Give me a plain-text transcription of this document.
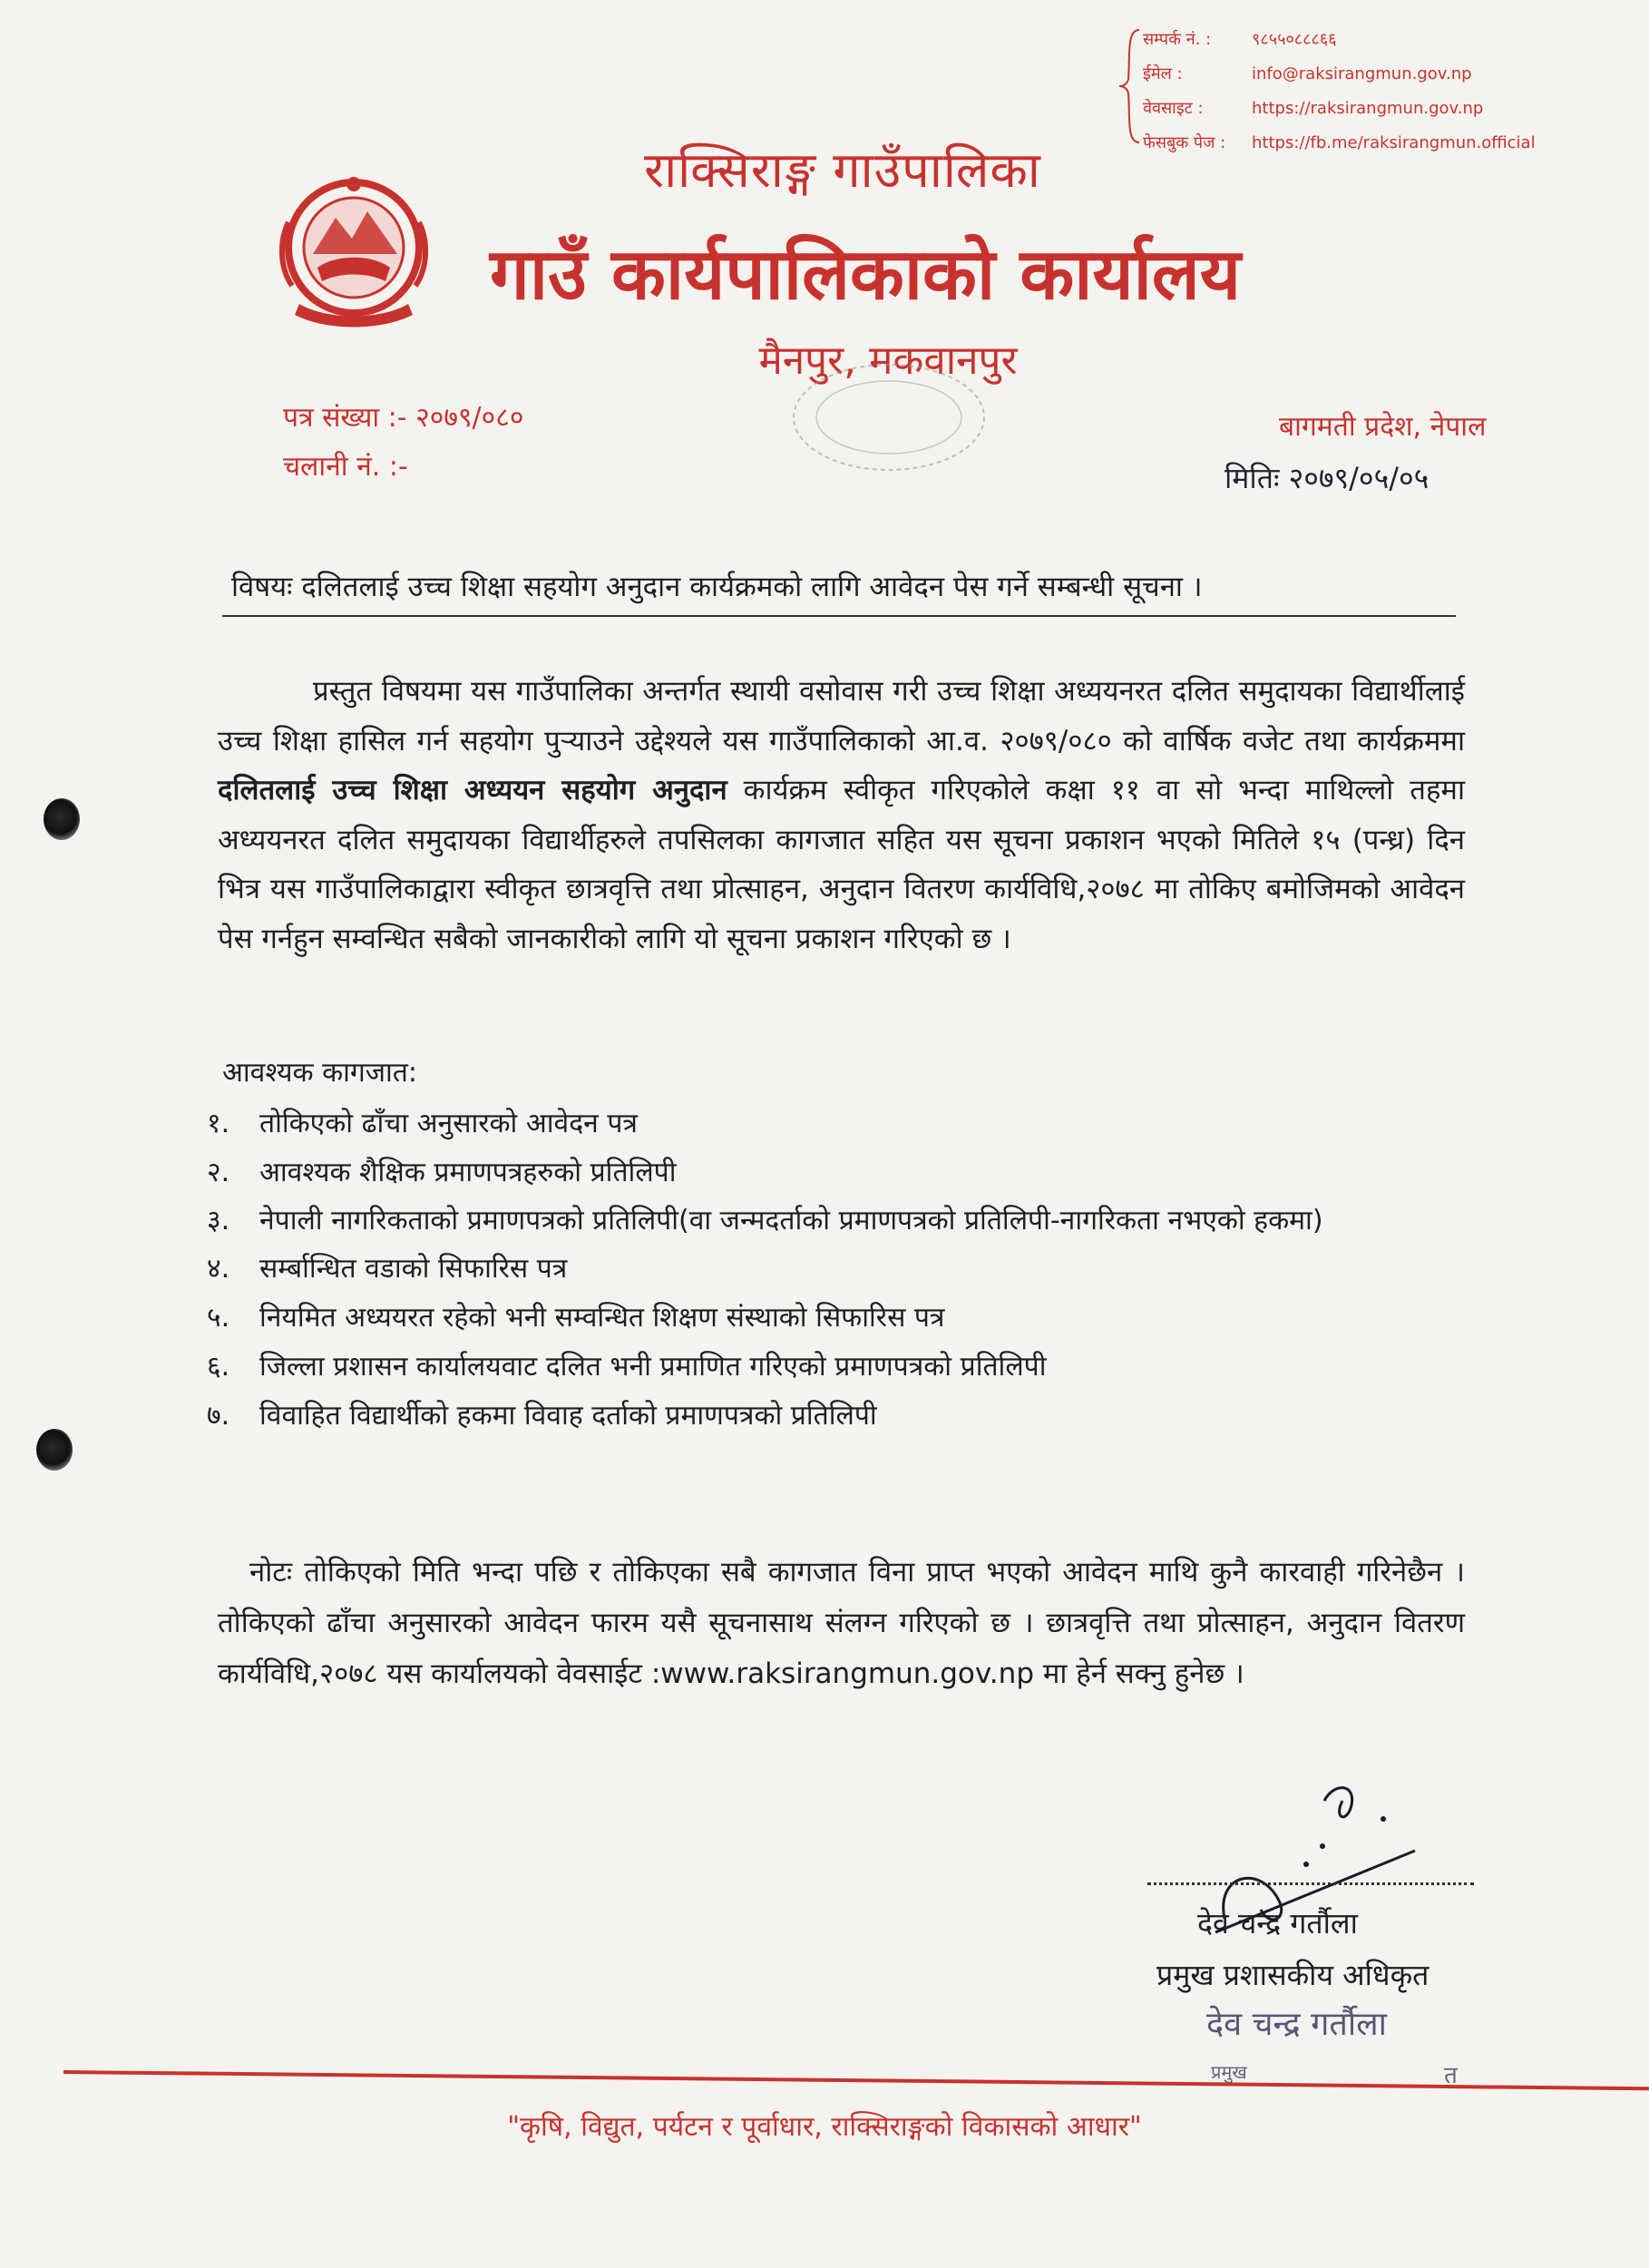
सम्पर्क नं. : ९८५५०८८८६६
ईमेल :	info@raksirangmun.gov.np
वेवसाइट :	https://raksirangmun.gov.np
फेसबुक पेज : https://fb.me/raksirangmun.official
राक्सिराङ्ग गाउँपालिका
गाउँ कार्यपालिकाको कार्यालय
मैनपुर, मकवानपुर
पत्र संख्या :- २०७९/०८०
चलानी नं. :-
बागमती प्रदेश, नेपाल
मितिः २०७९/०५/०५
विषयः दलितलाई उच्च शिक्षा सहयोग अनुदान कार्यक्रमको लागि आवेदन पेस गर्ने सम्बन्धी सूचना ।
प्रस्तुत विषयमा यस गाउँपालिका अन्तर्गत स्थायी वसोवास गरी उच्च शिक्षा अध्ययनरत दलित समुदायका विद्यार्थीलाई उच्च शिक्षा हासिल गर्न सहयोग पुऱ्याउने उद्देश्यले यस गाउँपालिकाको आ.व. २०७९/०८० को वार्षिक वजेट तथा कार्यक्रममा दलितलाई उच्च शिक्षा अध्ययन सहयोग अनुदान कार्यक्रम स्वीकृत गरिएकोले कक्षा ११ वा सो भन्दा माथिल्लो तहमा अध्ययनरत दलित समुदायका विद्यार्थीहरुले तपसिलका कागजात सहित यस सूचना प्रकाशन भएको मितिले १५ (पन्ध्र) दिन भित्र यस गाउँपालिकाद्वारा स्वीकृत छात्रवृत्ति तथा प्रोत्साहन, अनुदान वितरण कार्यविधि,२०७८ मा तोकिए बमोजिमको आवेदन पेस गर्नहुन सम्वन्धित सबैको जानकारीको लागि यो सूचना प्रकाशन गरिएको छ ।
आवश्यक कागजात:
१. तोकिएको ढाँचा अनुसारको आवेदन पत्र
२. आवश्यक शैक्षिक प्रमाणपत्रहरुको प्रतिलिपी
३. नेपाली नागरिकताको प्रमाणपत्रको प्रतिलिपी(वा जन्मदर्ताको प्रमाणपत्रको प्रतिलिपी-नागरिकता नभएको हकमा)
४. सर्म्बान्धित वडाको सिफारिस पत्र
५. नियमित अध्ययरत रहेको भनी सम्वन्धित शिक्षण संस्थाको सिफारिस पत्र
६. जिल्ला प्रशासन कार्यालयवाट दलित भनी प्रमाणित गरिएको प्रमाणपत्रको प्रतिलिपी
७. विवाहित विद्यार्थीको हकमा विवाह दर्ताको प्रमाणपत्रको प्रतिलिपी
नोटः तोकिएको मिति भन्दा पछि र तोकिएका सबै कागजात विना प्राप्त भएको आवेदन माथि कुनै कारवाही गरिनेछैन । तोकिएको ढाँचा अनुसारको आवेदन फारम यसै सूचनासाथ संलग्न गरिएको छ । छात्रवृत्ति तथा प्रोत्साहन, अनुदान वितरण कार्यविधि,२०७८ यस कार्यालयको वेवसाईट :www.raksirangmun.gov.np मा हेर्न सक्नु हुनेछ ।
देव चन्द्र गर्तौला
प्रमुख प्रशासकीय अधिकृत
देव चन्द्र गर्तौला
प्रमुख	त
"कृषि, विद्युत, पर्यटन र पूर्वाधार, राक्सिराङ्गको विकासको आधार"
